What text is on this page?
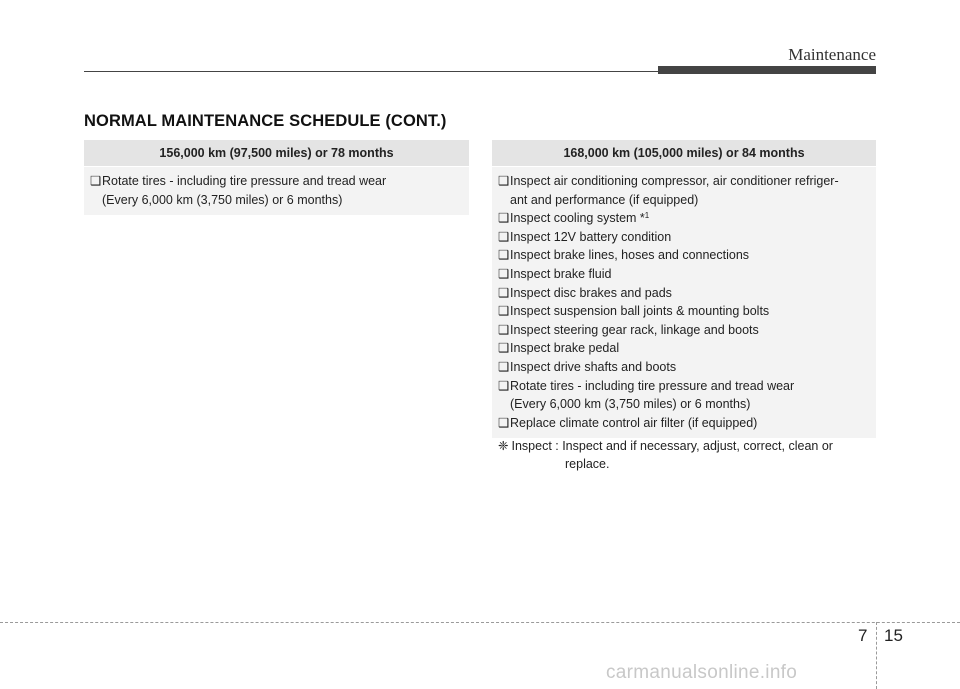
Maintenance
NORMAL MAINTENANCE SCHEDULE (CONT.)
156,000 km (97,500 miles) or 78 months
❑ Rotate tires - including tire pressure and tread wear
(Every 6,000 km (3,750 miles) or 6 months)
168,000 km (105,000 miles) or 84 months
❑ Inspect air conditioning compressor, air conditioner refriger-
ant and performance (if equipped)
❑ Inspect cooling system *$^1$
❑ Inspect 12V battery condition
❑ Inspect brake lines, hoses and connections
❑ Inspect brake fluid
❑ Inspect disc brakes and pads
❑ Inspect suspension ball joints & mounting bolts
❑ Inspect steering gear rack, linkage and boots
❑ Inspect brake pedal
❑ Inspect drive shafts and boots
❑ Rotate tires - including tire pressure and tread wear
(Every 6,000 km (3,750 miles) or 6 months)
❑ Replace climate control air filter (if equipped)
❈ Inspect : Inspect and if necessary, adjust, correct, clean or
replace.
7 15
carmanualsonline.info
